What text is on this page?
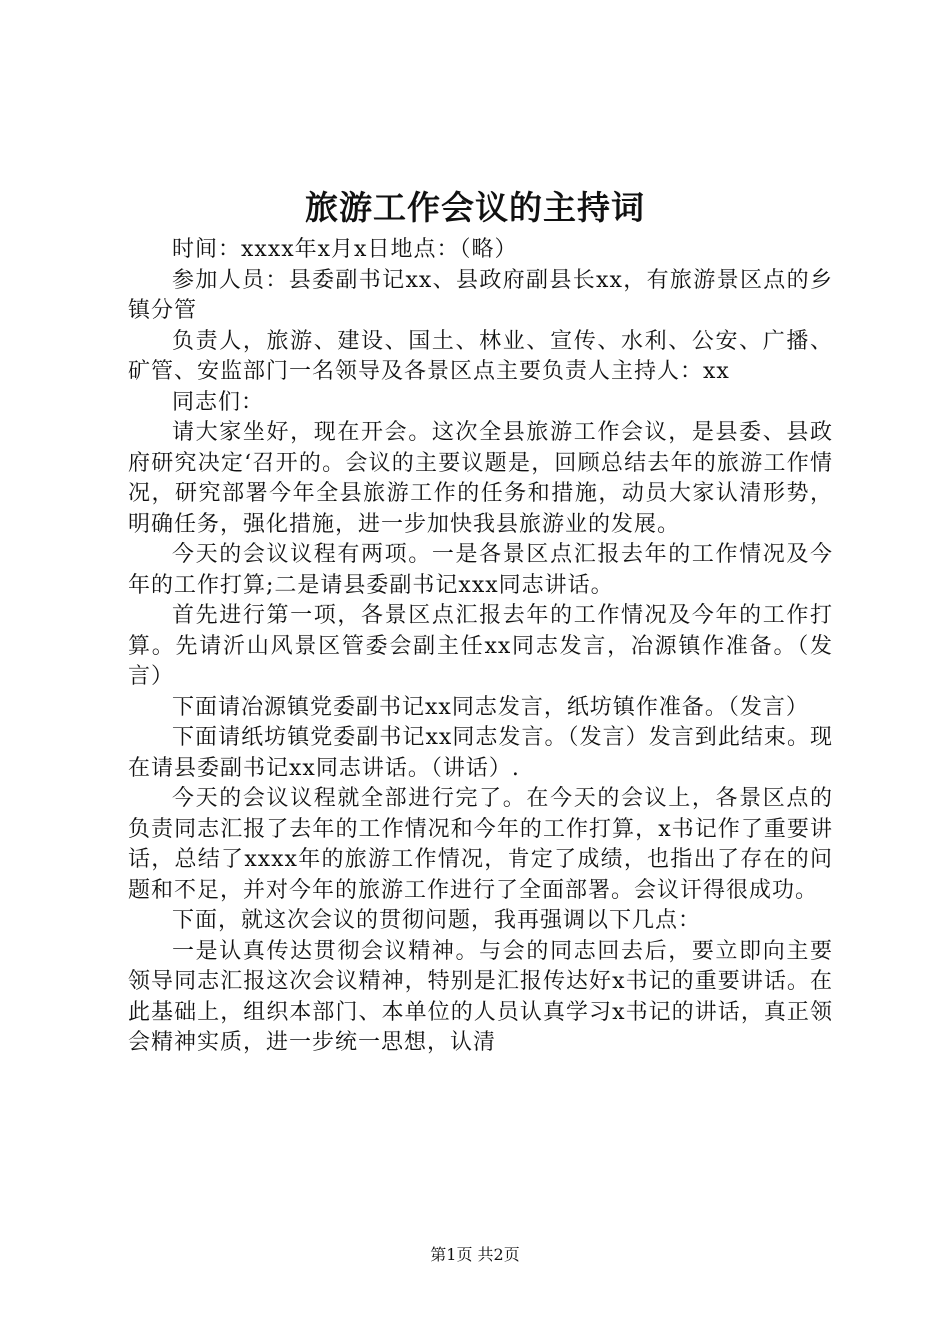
旅游工作会议的主持词

时间：xxxx年x月x日地点：（略）

参加人员：县委副书记xx、县政府副县长xx，有旅游景区点的乡镇分管

负责人，旅游、建设、国土、林业、宣传、水利、公安、广播、矿管、安监部门一名领导及各景区点主要负责人主持人：xx

同志们：

请大家坐好，现在开会。这次全县旅游工作会议，是县委、县政府研究决定‘召开的。会议的主要议题是，回顾总结去年的旅游工作情况，研究部署今年全县旅游工作的任务和措施，动员大家认清形势，明确任务，强化措施，进一步加快我县旅游业的发展。

今天的会议议程有两项。一是各景区点汇报去年的工作情况及今年的工作打算;二是请县委副书记xxx同志讲话。

首先进行第一项，各景区点汇报去年的工作情况及今年的工作打算。先请沂山风景区管委会副主任xx同志发言，冶源镇作准备。（发言）

下面请冶源镇党委副书记xx同志发言，纸坊镇作准备。（发言）

下面请纸坊镇党委副书记xx同志发言。（发言）发言到此结束。现在请县委副书记xx同志讲话。（讲话）.

今天的会议议程就全部进行完了。在今天的会议上，各景区点的负责同志汇报了去年的工作情况和今年的工作打算，x书记作了重要讲话，总结了xxxx年的旅游工作情况，肯定了成绩，也指出了存在的问题和不足，并对今年的旅游工作进行了全面部署。会议讦得很成功。

下面，就这次会议的贯彻问题，我再强调以下几点：

一是认真传达贯彻会议精神。与会的同志回去后，要立即向主要领导同志汇报这次会议精神，特别是汇报传达好x书记的重要讲话。在此基础上，组织本部门、本单位的人员认真学习x书记的讲话，真正领会精神实质，进一步统一思想，认清

第1页 共2页
